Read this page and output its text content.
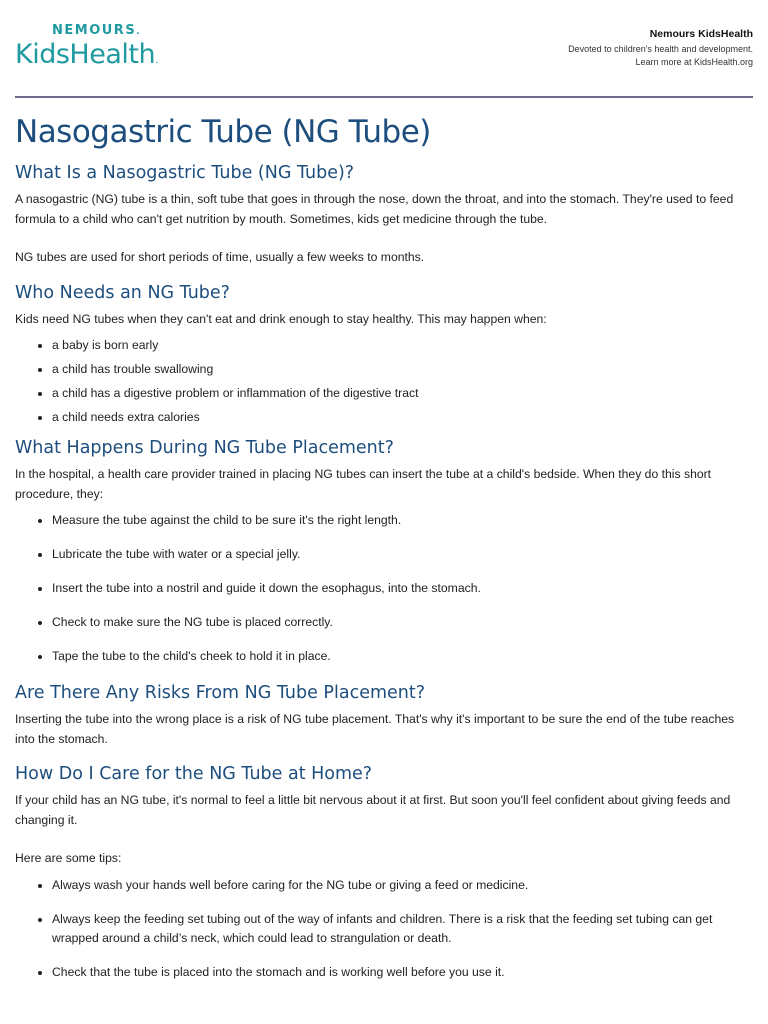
NEMOURS.
KidsHealth.
Nemours KidsHealth
Devoted to children's health and development.
Learn more at KidsHealth.org
Nasogastric Tube (NG Tube)
What Is a Nasogastric Tube (NG Tube)?

A nasogastric (NG) tube is a thin, soft tube that goes in through the nose, down the throat, and into the stomach. They're used to feed formula to a child who can't get nutrition by mouth. Sometimes, kids get medicine through the tube.

NG tubes are used for short periods of time, usually a few weeks to months.

Who Needs an NG Tube?

Kids need NG tubes when they can't eat and drink enough to stay healthy. This may happen when:

• a baby is born early
• a child has trouble swallowing
• a child has a digestive problem or inflammation of the digestive tract
• a child needs extra calories
What Happens During NG Tube Placement?

In the hospital, a health care provider trained in placing NG tubes can insert the tube at a child's bedside. When they do this short procedure, they:

• Measure the tube against the child to be sure it's the right length.
• Lubricate the tube with water or a special jelly.
• Insert the tube into a nostril and guide it down the esophagus, into the stomach.
• Check to make sure the NG tube is placed correctly.
• Tape the tube to the child's cheek to hold it in place.
Are There Any Risks From NG Tube Placement?

Inserting the tube into the wrong place is a risk of NG tube placement. That's why it's important to be sure the end of the tube reaches into the stomach.

How Do I Care for the NG Tube at Home?

If your child has an NG tube, it's normal to feel a little bit nervous about it at first. But soon you'll feel confident about giving feeds and changing it.

Here are some tips:

• Always wash your hands well before caring for the NG tube or giving a feed or medicine.
• Always keep the feeding set tubing out of the way of infants and children. There is a risk that the feeding set tubing can get wrapped around a child’s neck, which could lead to strangulation or death.
• Check that the tube is placed into the stomach and is working well before you use it.
